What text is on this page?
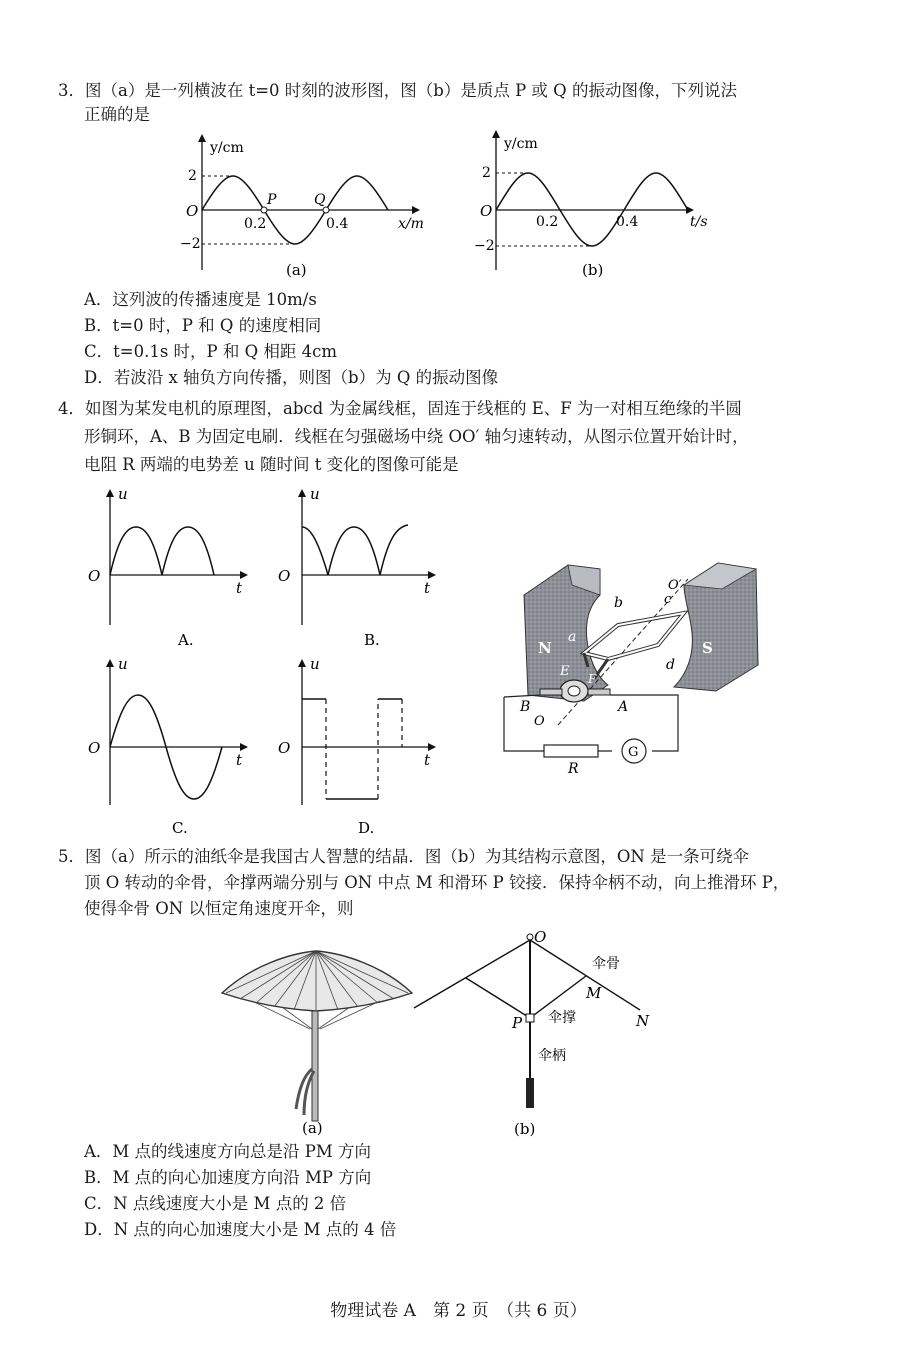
3．图（a）是一列横波在 t=0 时刻的波形图，图（b）是质点 P 或 Q 的振动图像，下列说法
正确的是
y/cm
x/m
2
−2
O
0.2	0.4
P	Q
(a)
y/cm
t/s
2
−2
O
0.2	0.4
(b)
A．这列波的传播速度是 10m/s
B．t=0 时，P 和 Q 的速度相同
C．t=0.1s 时，P 和 Q 相距 4cm
D．若波沿 x 轴负方向传播，则图（b）为 Q 的振动图像
4．如图为某发电机的原理图，abcd 为金属线框，固连于线框的 E、F 为一对相互绝缘的半圆
形铜环，A、B 为固定电刷．线框在匀强磁场中绕 OO′ 轴匀速转动，从图示位置开始计时，
电阻 R 两端的电势差 u 随时间 t 变化的图像可能是
u
O
t
A.
u
O
t
B.
u
O
t
C.
u
O
t
D.
N	S
a
b	c
d
E F
O′
O
B	A
R
G
5．图（a）所示的油纸伞是我国古人智慧的结晶．图（b）为其结构示意图，ON 是一条可绕伞
顶 O 转动的伞骨，伞撑两端分别与 ON 中点 M 和滑环 P 铰接．保持伞柄不动，向上推滑环 P，
使得伞骨 ON 以恒定角速度开伞，则
(a)
O
M
N
P
伞骨
伞撑
伞柄
(b)
A．M 点的线速度方向总是沿 PM 方向
B．M 点的向心加速度方向沿 MP 方向
C．N 点线速度大小是 M 点的 2 倍
D．N 点的向心加速度大小是 M 点的 4 倍
物理试卷 A　第 2 页　（共 6 页）
